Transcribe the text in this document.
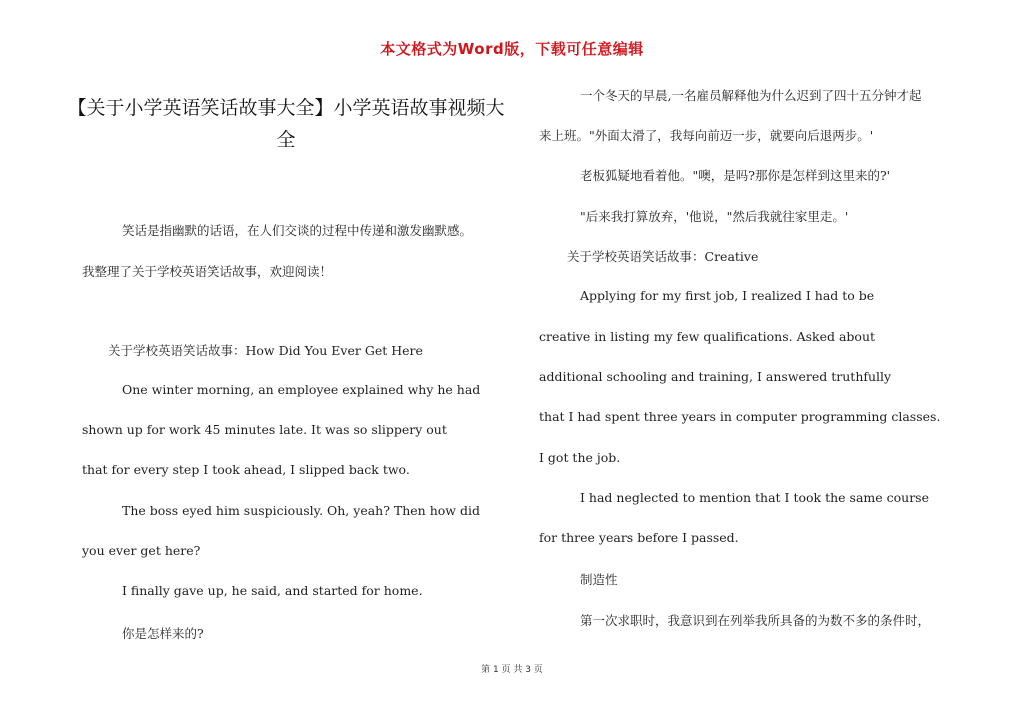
本文格式为Word版，下载可任意编辑
【关于小学英语笑话故事大全】小学英语故事视频大
全
笑话是指幽默的话语，在人们交谈的过程中传递和激发幽默感。
我整理了关于学校英语笑话故事，欢迎阅读！
关于学校英语笑话故事：How Did You Ever Get Here
One winter morning, an employee explained why he had
shown up for work 45 minutes late. It was so slippery out
that for every step I took ahead, I slipped back two.
The boss eyed him suspiciously. Oh, yeah? Then how did
you ever get here?
I finally gave up, he said, and started for home.
你是怎样来的?
一个冬天的早晨,一名雇员解释他为什么迟到了四十五分钟才起
来上班。"外面太滑了，我每向前迈一步，就要向后退两步。'
老板狐疑地看着他。"噢，是吗?那你是怎样到这里来的?'
"后来我打算放弃，'他说，"然后我就往家里走。'
关于学校英语笑话故事：Creative
Applying for my first job, I realized I had to be
creative in listing my few qualifications. Asked about
additional schooling and training, I answered truthfully
that I had spent three years in computer programming classes.
I got the job.
I had neglected to mention that I took the same course
for three years before I passed.
制造性
第一次求职时，我意识到在列举我所具备的为数不多的条件时，
第 1 页 共 3 页
